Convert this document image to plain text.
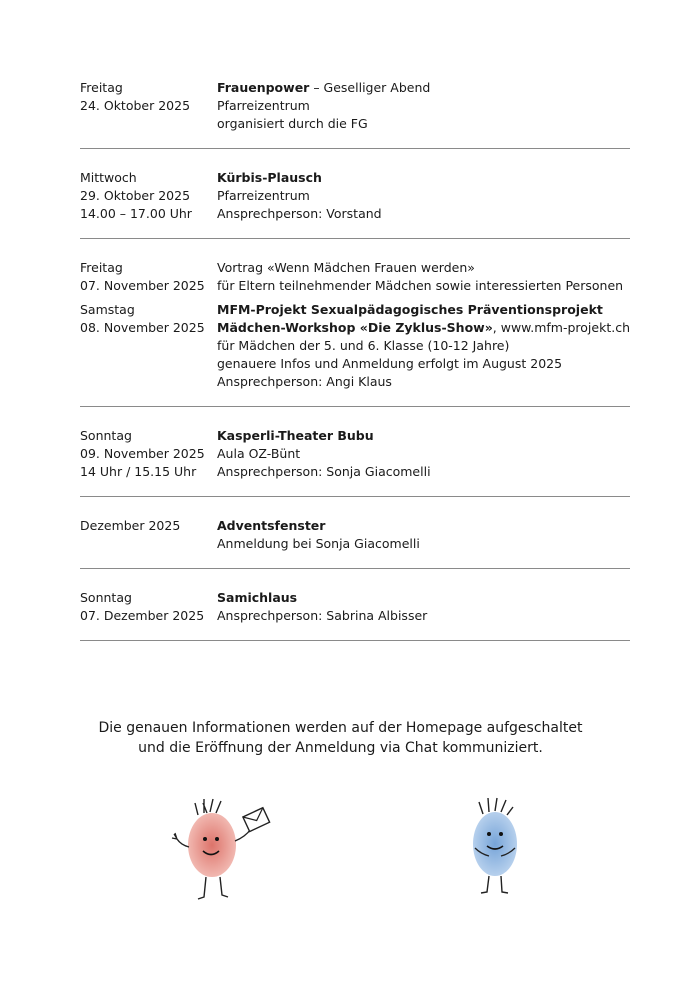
Freitag
24. Oktober 2025
Frauenpower – Geselliger Abend
Pfarreizentrum
organisiert durch die FG
Mittwoch
29. Oktober 2025
14.00 – 17.00 Uhr
Kürbis-Plausch
Pfarreizentrum
Ansprechperson: Vorstand
Freitag
07. November 2025
Vortrag «Wenn Mädchen Frauen werden»
für Eltern teilnehmender Mädchen sowie interessierten Personen
Samstag
08. November 2025
MFM-Projekt Sexualpädagogisches Präventionsprojekt
Mädchen-Workshop «Die Zyklus-Show», www.mfm-projekt.ch
für Mädchen der 5. und 6. Klasse (10-12 Jahre)
genauere Infos und Anmeldung erfolgt im August 2025
Ansprechperson: Angi Klaus
Sonntag
09. November 2025
14 Uhr / 15.15 Uhr
Kasperli-Theater Bubu
Aula OZ-Bünt
Ansprechperson: Sonja Giacomelli
Dezember 2025	Adventsfenster
Anmeldung bei Sonja Giacomelli
Sonntag
07. Dezember 2025
Samichlaus
Ansprechperson: Sabrina Albisser
Die genauen Informationen werden auf der Homepage aufgeschaltet
und die Eröffnung der Anmeldung via Chat kommuniziert.
